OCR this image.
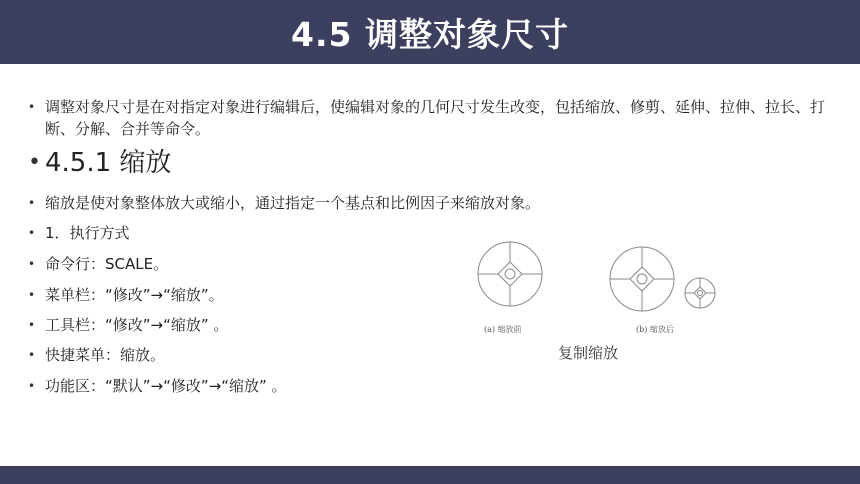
4.5 调整对象尺寸
• 调整对象尺寸是在对指定对象进行编辑后，使编辑对象的几何尺寸发生改变，包括缩放、修剪、延伸、拉伸、拉长、打断、分解、合并等命令。
• 4.5.1 缩放
• 缩放是使对象整体放大或缩小，通过指定一个基点和比例因子来缩放对象。
• 1．执行方式
• 命令行：SCALE。
• 菜单栏：“修改”→“缩放”。
• 工具栏：“修改”→“缩放” 。
• 快捷菜单：缩放。
• 功能区：“默认”→“修改”→“缩放” 。
(a) 缩放前	(b) 缩放后
复制缩放
